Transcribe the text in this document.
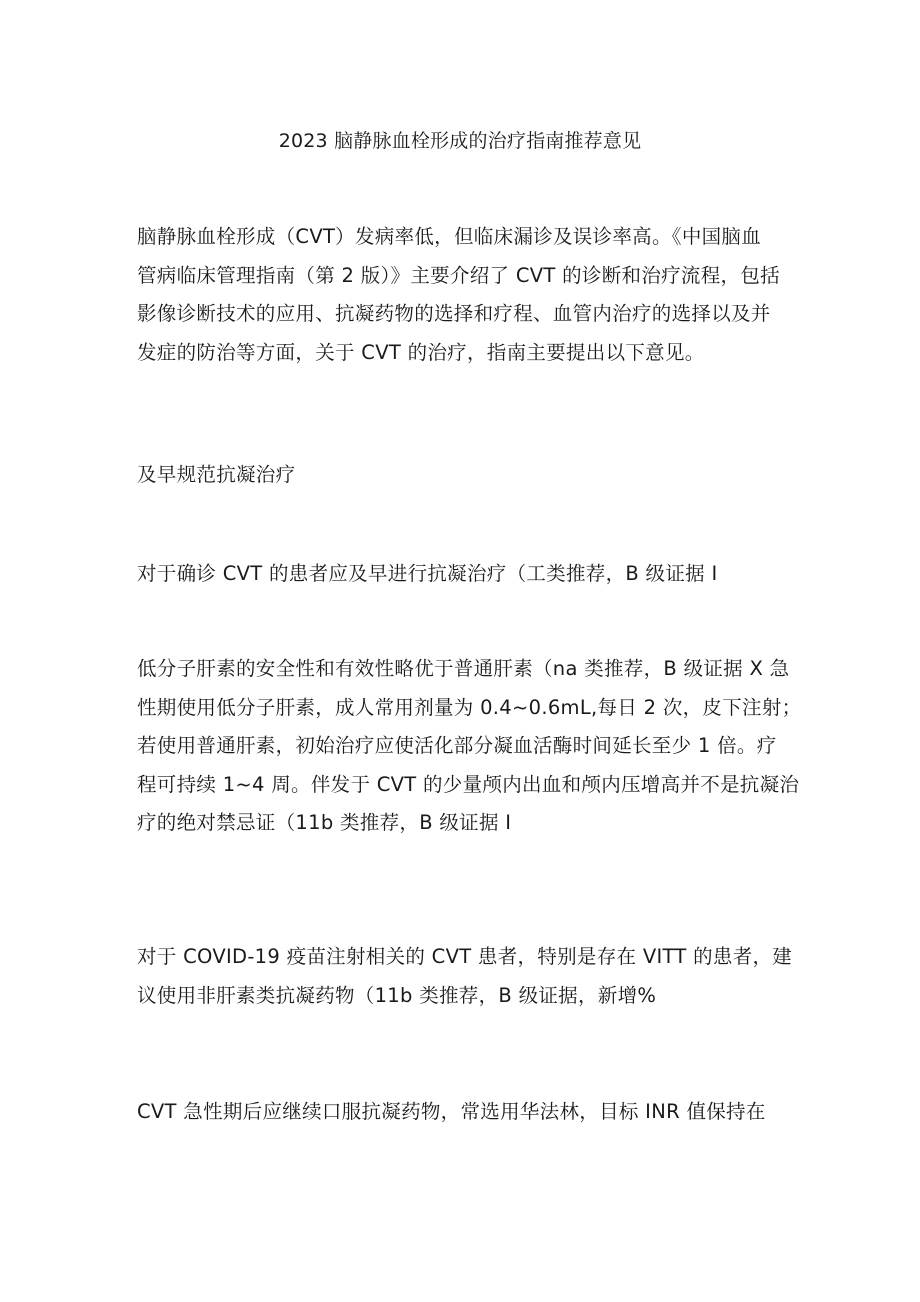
2023 脑静脉血栓形成的治疗指南推荐意见
脑静脉血栓形成（CVT）发病率低，但临床漏诊及误诊率高。《中国脑血
管病临床管理指南（第 2 版）》主要介绍了 CVT 的诊断和治疗流程，包括
影像诊断技术的应用、抗凝药物的选择和疗程、血管内治疗的选择以及并
发症的防治等方面，关于 CVT 的治疗，指南主要提出以下意见。
及早规范抗凝治疗
对于确诊 CVT 的患者应及早进行抗凝治疗（工类推荐，B 级证据 I
低分子肝素的安全性和有效性略优于普通肝素（na 类推荐，B 级证据 X 急
性期使用低分子肝素，成人常用剂量为 0.4~0.6mL,每日 2 次，皮下注射；
若使用普通肝素，初始治疗应使活化部分凝血活酶时间延长至少 1 倍。疗
程可持续 1~4 周。伴发于 CVT 的少量颅内出血和颅内压增高并不是抗凝治
疗的绝对禁忌证（11b 类推荐，B 级证据 I
对于 COVID-19 疫苗注射相关的 CVT 患者，特别是存在 VITT 的患者，建
议使用非肝素类抗凝药物（11b 类推荐，B 级证据，新增%
CVT 急性期后应继续口服抗凝药物，常选用华法林，目标 INR 值保持在
